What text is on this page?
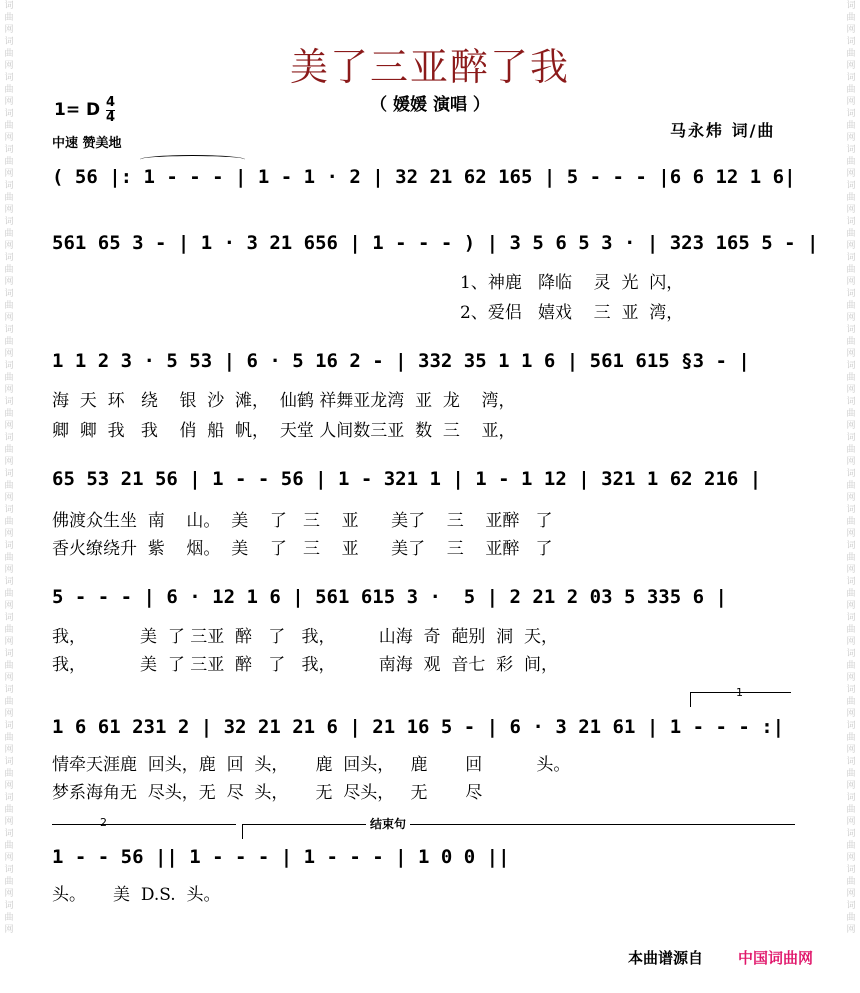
词
曲
网
词
曲
网
词
曲
网
词
曲
网
词
曲
网
词
曲
网
词
曲
网
词
曲
网
词
曲
网
词
曲
网
词
曲
网
词
曲
网
词
曲
网
词
曲
网
词
曲
网
词
曲
网
词
曲
网
词
曲
网
词
曲
网
词
曲
网
词
曲
网
词
曲
网
词
曲
网
词
曲
网
词
曲
网
词
曲
网
词
曲
网
词
曲
网
词
曲
网
词
曲
网
词
曲
网
词
曲
网
词
曲
网
词
曲
网
词
曲
网
词
曲
网
词
曲
网
词
曲
网
词
曲
网
词
曲
网
词
曲
网
词
曲
网
词
曲
网
词
曲
网
词
曲
网
词
曲
网
词
曲
网
词
曲
网
词
曲
网
词
曲
网
词
曲
网
词
曲
网
美了三亚醉了我
（ 媛媛 演唱 ）
1= D $\frac{4}{4}$
中速 赞美地
马永炜 词/曲
( 56 |: 1 - - - | 1 - 1 · 2 | 32 21 62 165 | 5 - - - |6 6 12 1 6|
561 65 3 - | 1 · 3 21 656 | 1 - - - ) | 3 5 6 5 3 · | 323 165 5 - |
1、神鹿   降临    灵  光  闪，
2、爱侣   嬉戏    三  亚  湾，
1 1 2 3 · 5 53 | 6 · 5 16 2 - | 332 35 1 1 6 | 561 615 §3 - |
海  天  环   绕    银  沙  滩，  仙鹤 祥舞亚龙湾  亚  龙    湾，
卿  卿  我   我    俏  船  帆，  天堂 人间数三亚  数  三    亚，
65 53 21 56 | 1 - - 56 | 1 - 321 1 | 1 - 1 12 | 321 1 62 216 |
佛渡众生坐  南    山。  美    了   三    亚      美了    三    亚醉   了
香火缭绕升  紫    烟。  美    了   三    亚      美了    三    亚醉   了
5 - - - | 6 · 12 1 6 | 561 615 3 ·  5 | 2 21 2 03 5 335 6 |
我，          美  了 三亚  醉   了   我，        山海  奇  葩别  洞  天，
我，          美  了 三亚  醉   了   我，        南海  观  音七  彩  间，
1
1 6 61 231 2 | 32 21 21 6 | 21 16 5 - | 6 · 3 21 61 | 1 - - - :|
情牵天涯鹿  回头，鹿  回  头，     鹿  回头，   鹿       回          头。
梦系海角无  尽头，无  尽  头，     无  尽头，   无       尽
2	结束句
1 - - 56 || 1 - - - | 1 - - - | 1 0 0 ||
头。     美  D.S.  头。
本曲谱源自 中国词曲网
